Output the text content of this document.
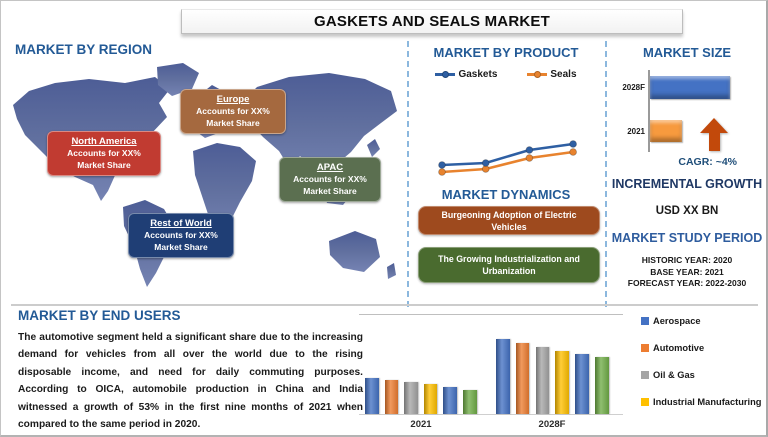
GASKETS AND SEALS MARKET
MARKET BY REGION
North America
Accounts for XX%
Market Share
Europe
Accounts for XX%
Market Share
APAC
Accounts for XX%
Market Share
Rest of World
Accounts for XX%
Market Share
MARKET BY PRODUCT
Gaskets	Seals
MARKET DYNAMICS
Burgeoning Adoption of Electric Vehicles
The Growing Industrialization and Urbanization
MARKET SIZE
2028F
2021
CAGR: ~4%
INCREMENTAL GROWTH
USD XX BN
MARKET STUDY PERIOD
HISTORIC YEAR: 2020
BASE YEAR: 2021
FORECAST YEAR: 2022-2030
MARKET BY END USERS

The automotive segment held a significant share due to the increasing demand for vehicles from all over the world due to the rising disposable income, and need for daily commuting purposes. According to OICA, automobile production in China and India witnessed a growth of 53% in the first nine months of 2021 when compared to the same period in 2020.	2021	2028F
Aerospace
Automotive
Oil & Gas
Industrial Manufacturing
